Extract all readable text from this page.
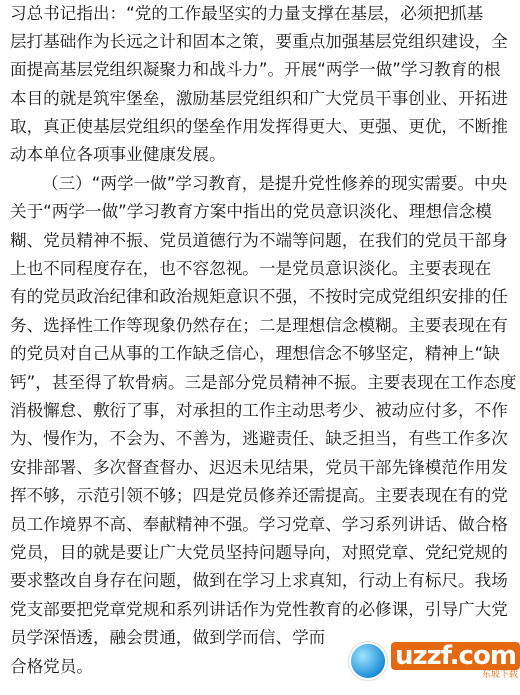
习总书记指出：“党的工作最坚实的力量支撑在基层，必须把抓基
层打基础作为长远之计和固本之策，要重点加强基层党组织建设，全
面提高基层党组织凝聚力和战斗力”。开展“两学一做”学习教育的根
本目的就是筑牢堡垒，激励基层党组织和广大党员干事创业、开拓进
取，真正使基层党组织的堡垒作用发挥得更大、更强、更优，不断推
动本单位各项事业健康发展。
（三）“两学一做”学习教育，是提升党性修养的现实需要。中央
关于“两学一做”学习教育方案中指出的党员意识淡化、理想信念模
糊、党员精神不振、党员道德行为不端等问题，在我们的党员干部身
上也不同程度存在，也不容忽视。一是党员意识淡化。主要表现在
有的党员政治纪律和政治规矩意识不强，不按时完成党组织安排的任
务、选择性工作等现象仍然存在；二是理想信念模糊。主要表现在有
的党员对自己从事的工作缺乏信心，理想信念不够坚定，精神上“缺
钙”，甚至得了软骨病。三是部分党员精神不振。主要表现在工作态度
消极懈怠、敷衍了事，对承担的工作主动思考少、被动应付多，不作
为、慢作为，不会为、不善为，逃避责任、缺乏担当，有些工作多次
安排部署、多次督查督办、迟迟未见结果，党员干部先锋模范作用发
挥不够，示范引领不够；四是党员修养还需提高。主要表现在有的党
员工作境界不高、奉献精神不强。学习党章、学习系列讲话、做合格
党员，目的就是要让广大党员坚持问题导向，对照党章、党纪党规的
要求整改自身存在问题，做到在学习上求真知，行动上有标尺。我场
党支部要把党章党规和系列讲话作为党性教育的必修课，引导广大党
员学深悟透，融会贯通，做到学而信、学而
合格党员。	uzzf.com
东坡下载
